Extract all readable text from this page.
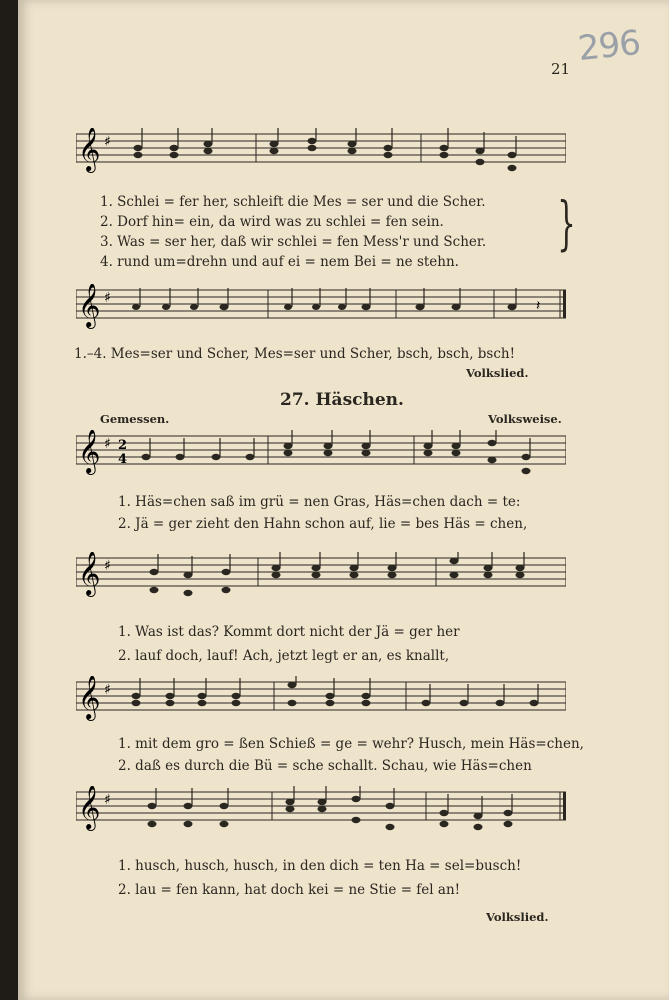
296
21
𝄞 ♯
1. Schlei = fer her, schleift die Mes = ser und die Scher.
2. Dorf hin= ein, da wird was zu schlei = fen sein.
3. Was = ser her, daß wir schlei = fen Mess'r und Scher.
4. rund um=drehn und auf ei = nem Bei = ne stehn.
}
𝄞 ♯	𝄽
1.–4. Mes=ser und Scher, Mes=ser und Scher, bsch, bsch, bsch!
Volkslied.
27. Häschen.
Gemessen.	Volksweise.
𝄞 ♯ 2
4
1. Häs=chen saß im grü = nen Gras, Häs=chen dach = te:
2. Jä = ger zieht den Hahn schon auf, lie = bes Häs = chen,
𝄞 ♯
1. Was ist das? Kommt dort nicht der Jä = ger her
2. lauf doch, lauf! Ach, jetzt legt er an, es knallt,
𝄞 ♯
1. mit dem gro = ßen Schieß = ge = wehr? Husch, mein Häs=chen,
2. daß es durch die Bü = sche schallt. Schau, wie Häs=chen
𝄞 ♯
1. husch, husch, husch, in den dich = ten Ha = sel=busch!
2. lau = fen kann, hat doch kei = ne Stie = fel an!
Volkslied.
